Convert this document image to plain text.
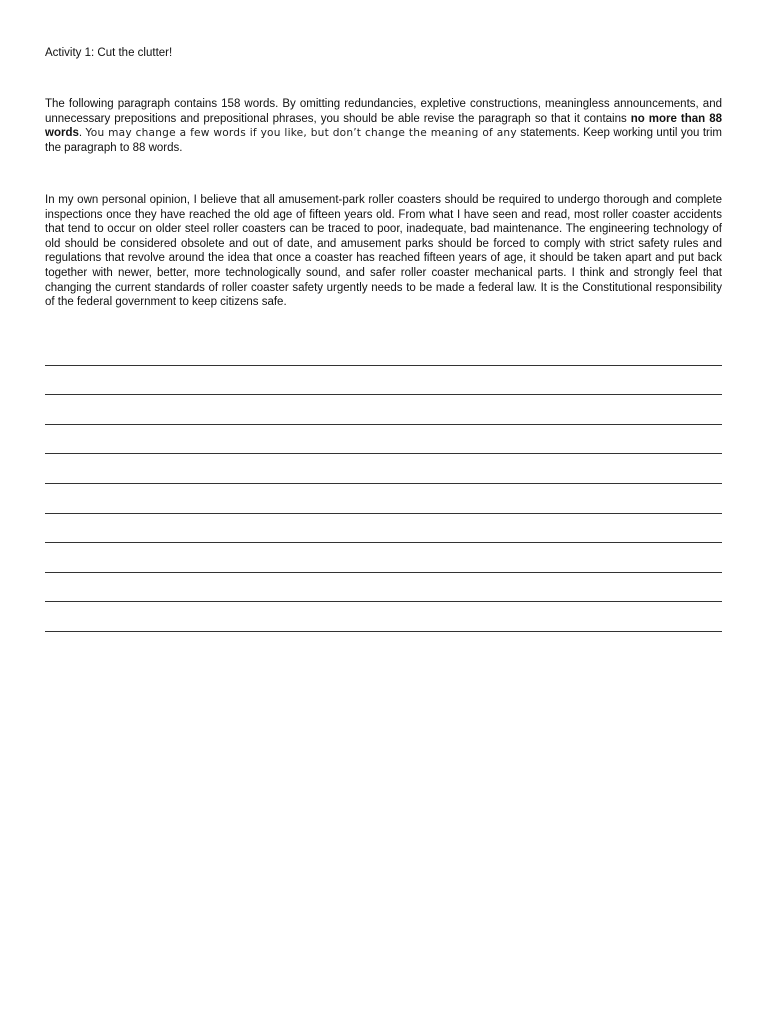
Activity 1: Cut the clutter!
The following paragraph contains 158 words. By omitting redundancies, expletive constructions, meaningless announcements, and unnecessary prepositions and prepositional phrases, you should be able revise the paragraph so that it contains no more than 88 words. You may change a few words if you like, but don’t change the meaning of any statements. Keep working until you trim the paragraph to 88 words.
In my own personal opinion, I believe that all amusement-park roller coasters should be required to undergo thorough and complete inspections once they have reached the old age of fifteen years old. From what I have seen and read, most roller coaster accidents that tend to occur on older steel roller coasters can be traced to poor, inadequate, bad maintenance. The engineering technology of old should be considered obsolete and out of date, and amusement parks should be forced to comply with strict safety rules and regulations that revolve around the idea that once a coaster has reached fifteen years of age, it should be taken apart and put back together with newer, better, more technologically sound, and safer roller coaster mechanical parts. I think and strongly feel that changing the current standards of roller coaster safety urgently needs to be made a federal law. It is the Constitutional responsibility of the federal government to keep citizens safe.
